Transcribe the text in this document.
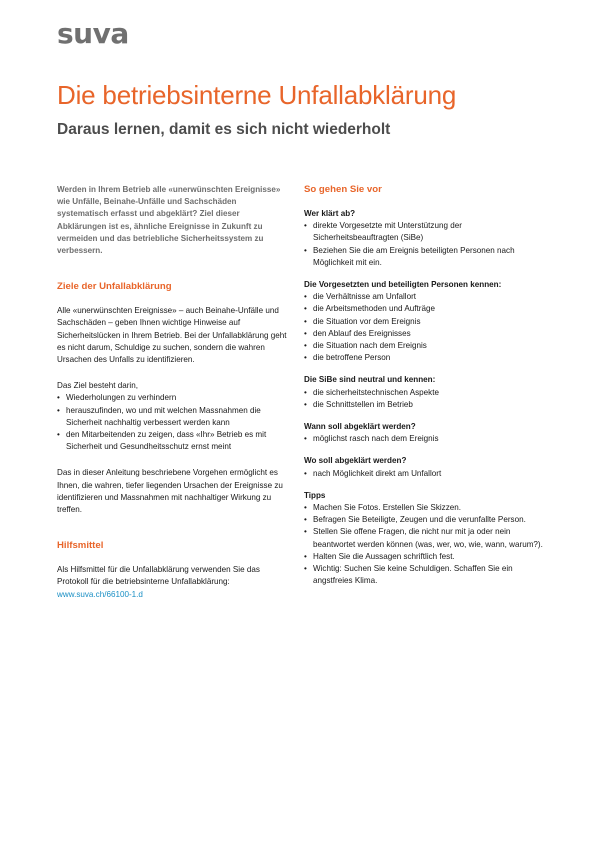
suva
Die betriebsinterne Unfallabklärung
Daraus lernen, damit es sich nicht wiederholt

Werden in Ihrem Betrieb alle «unerwünschten Ereignisse» wie Unfälle, Beinahe-Unfälle und Sachschäden systematisch erfasst und abgeklärt? Ziel dieser Abklärungen ist es, ähnliche Ereignisse in Zukunft zu vermeiden und das betriebliche Sicherheitssystem zu verbessern.

Ziele der Unfallabklärung

Alle «unerwünschten Ereignisse» – auch Beinahe-Unfälle und Sachschäden – geben Ihnen wichtige Hinweise auf Sicherheitslücken in Ihrem Betrieb. Bei der Unfallabklärung geht es nicht darum, Schuldige zu suchen, sondern die wahren Ursachen des Unfalls zu identifizieren.

Das Ziel besteht darin,

• Wiederholungen zu verhindern
• herauszufinden, wo und mit welchen Massnahmen die Sicherheit nachhaltig verbessert werden kann
• den Mitarbeitenden zu zeigen, dass «Ihr» Betrieb es mit Sicherheit und Gesundheitsschutz ernst meint

Das in dieser Anleitung beschriebene Vorgehen ermöglicht es Ihnen, die wahren, tiefer liegenden Ursachen der Ereignisse zu identifizieren und Massnahmen mit nachhaltiger Wirkung zu treffen.

Hilfsmittel

Als Hilfsmittel für die Unfallabklärung verwenden Sie das Protokoll für die betriebsinterne Unfallabklärung:

www.suva.ch/66100-1.d
So gehen Sie vor

Wer klärt ab?

• direkte Vorgesetzte mit Unterstützung der Sicherheitsbeauftragten (SiBe)
• Beziehen Sie die am Ereignis beteiligten Personen nach Möglichkeit mit ein.

Die Vorgesetzten und beteiligten Personen kennen:

• die Verhältnisse am Unfallort
• die Arbeitsmethoden und Aufträge
• die Situation vor dem Ereignis
• den Ablauf des Ereignisses
• die Situation nach dem Ereignis
• die betroffene Person

Die SiBe sind neutral und kennen:

• die sicherheitstechnischen Aspekte
• die Schnittstellen im Betrieb

Wann soll abgeklärt werden?

• möglichst rasch nach dem Ereignis

Wo soll abgeklärt werden?

• nach Möglichkeit direkt am Unfallort

Tipps

• Machen Sie Fotos. Erstellen Sie Skizzen.
• Befragen Sie Beteiligte, Zeugen und die verunfallte Person.
• Stellen Sie offene Fragen, die nicht nur mit ja oder nein beantwortet werden können (was, wer, wo, wie, wann, warum?).
• Halten Sie die Aussagen schriftlich fest.
• Wichtig: Suchen Sie keine Schuldigen. Schaffen Sie ein angstfreies Klima.
